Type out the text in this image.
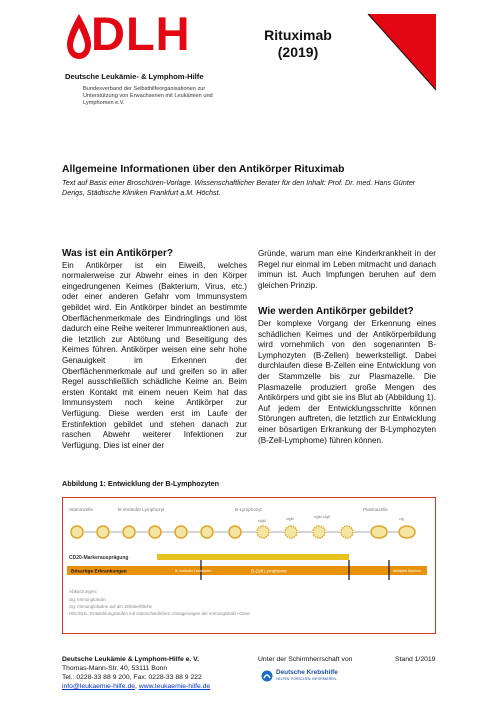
DLH
Deutsche Leukämie- & Lymphom-Hilfe
Bundesverband der Selbsthilfeorganisationen zur Unterstützung von Erwachsenen mit Leukämien und Lymphomen e.V.
Rituximab
(2019)
Allgemeine Informationen über den Antikörper Rituximab
Text auf Basis einer Broschüren-Vorlage. Wissenschaftlicher Berater für den Inhalt: Prof. Dr. med. Hans Günter Derigs, Städtische Kliniken Frankfurt a.M. Höchst.
Was ist ein Antikörper?

Ein Antikörper ist ein Eiweiß, welches normalerweise zur Abwehr eines in den Körper eingedrungenen Keimes (Bakterium, Virus, etc.) oder einer anderen Gefahr vom Immunsystem gebildet wird. Ein Antikörper bindet an bestimmte Oberflächenmerkmale des Eindringlings und löst dadurch eine Reihe weiterer Immunreaktionen aus, die letztlich zur Abtötung und Beseitigung des Keimes führen. Antikörper weisen eine sehr hohe Genauigkeit im Erkennen der Oberflächenmerkmale auf und greifen so in aller Regel ausschließlich schädliche Keime an. Beim ersten Kontakt mit einem neuen Keim hat das Immunsystem noch keine Antikörper zur Verfügung. Diese werden erst im Laufe der Erstinfektion gebildet und stehen danach zur raschen Abwehr weiterer Infektionen zur Verfügung. Dies ist einer der

Gründe, warum man eine Kinderkrankheit in der Regel nur einmal im Leben mitmacht und danach immun ist. Auch Impfungen beruhen auf dem gleichen Prinzip.

Wie werden Antikörper gebildet?

Der komplexe Vorgang der Erkennung eines schädlichen Keimes und der Antikörperbildung wird vornehmlich von den sogenannten B-Lymphozyten (B-Zellen) bewerkstelligt. Dabei durchlaufen diese B-Zellen eine Entwicklung von der Stammzelle bis zur Plasmazelle. Die Plasmazelle produziert große Mengen des Antikörpers und gibt sie ins Blut ab (Abbildung 1). Auf jedem der Entwicklungsschritte können Störungen auftreten, die letztlich zur Entwicklung einer bösartigen Erkrankung der B-Lymphozyten (B-Zell-Lymphome) führen können.

Abbildung 1: Entwicklung der B-Lymphozyten
Stammzelle	B-Vorläufer Lymphozyt	B-Lymphozyt	Plasmazelle
sIgM	sIgM	sIgM sIgD	cIg
CD20-Markerausprägung
Bösartige Erkrankungen	B-Vorläufer Leukämien	B-Zell Lymphome	Multiples Myelom
Abkürzungen:
sIg: Immunglobulin
cIg: Immunglobuline auf der Zelloberfläche
HDL/NHL: Entwicklungsstufen mit unterschiedlichen Umlagerungen der Immunglobulin-Gene
Deutsche Leukämie & Lymphom-Hilfe e. V.
Thomas-Mann-Str. 40, 53111 Bonn
Tel.: 0228-33 88 9 200, Fax: 0228-33 88 9 222
info@leukaemie-hilfe.de, www.leukaemie-hilfe.de
Unter der Schirmherrschaft von
Deutsche Krebshilfe
HELFEN. FORSCHEN. INFORMIEREN.
Stand 1/2019
